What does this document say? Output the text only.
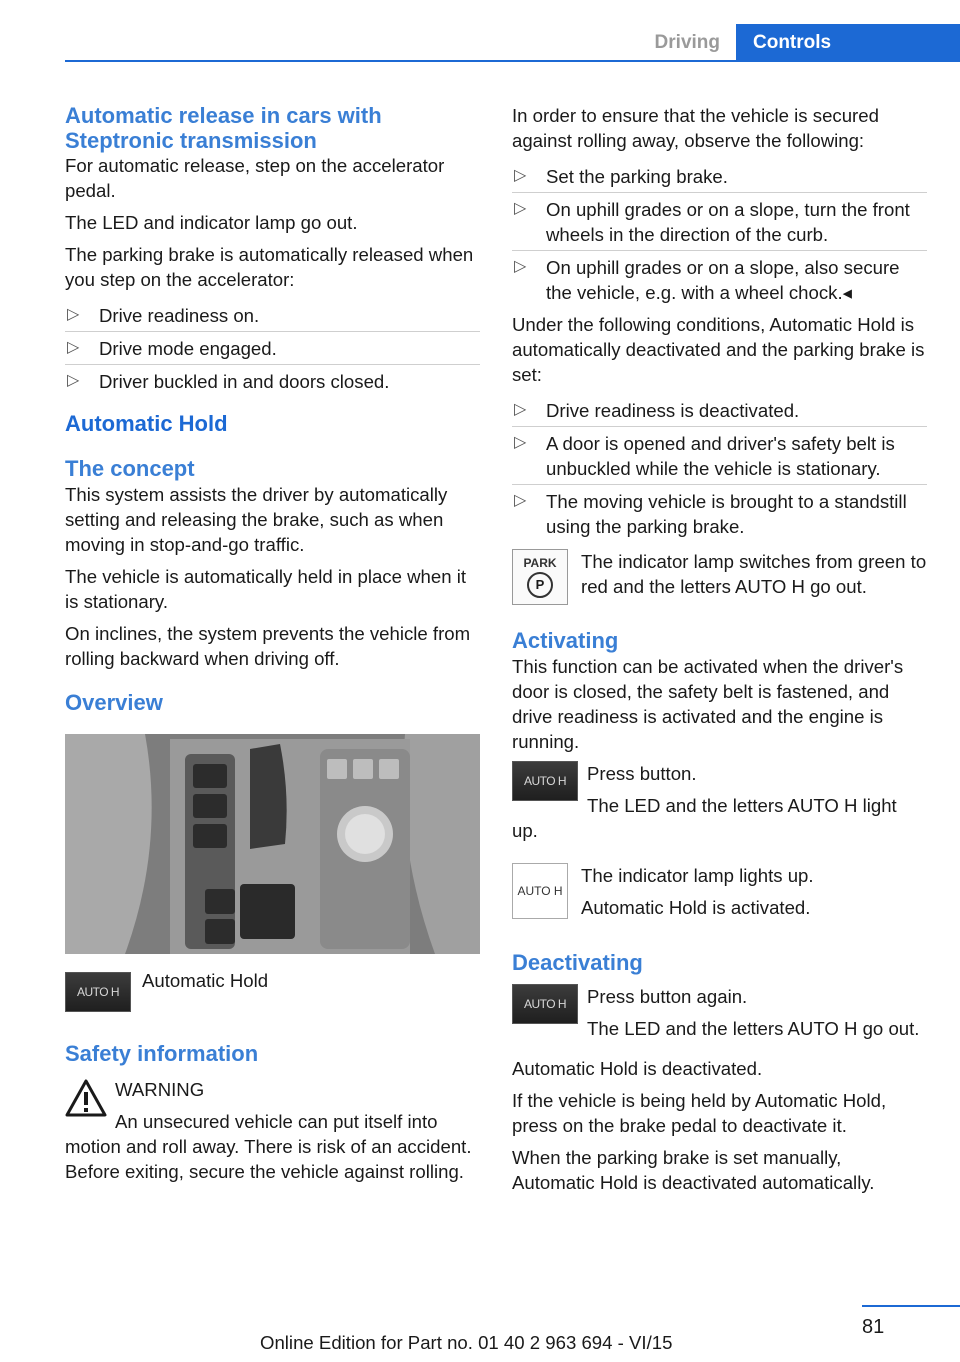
Driving	Controls
Automatic release in cars with Steptronic transmission

For automatic release, step on the accelerator pedal.

The LED and indicator lamp go out.

The parking brake is automatically released when you step on the accelerator:

▷ Drive readiness on.
▷ Drive mode engaged.
▷ Driver buckled in and doors closed.
Automatic Hold
The concept

This system assists the driver by automatically setting and releasing the brake, such as when moving in stop-and-go traffic.

The vehicle is automatically held in place when it is stationary.

On inclines, the system prevents the vehicle from rolling backward when driving off.

Overview
AUTO H
Automatic Hold
Safety information

WARNING

An unsecured vehicle can put itself into motion and roll away. There is risk of an accident. Before exiting, secure the vehicle against rolling.

In order to ensure that the vehicle is secured against rolling away, observe the following:

▷ Set the parking brake.
▷ On uphill grades or on a slope, turn the front wheels in the direction of the curb.
▷ On uphill grades or on a slope, also secure the vehicle, e.g. with a wheel chock.◂

Under the following conditions, Automatic Hold is automatically deactivated and the parking brake is set:

▷ Drive readiness is deactivated.
▷ A door is opened and driver's safety belt is unbuckled while the vehicle is stationary.
▷ The moving vehicle is brought to a standstill using the parking brake.
PARK
P
The indicator lamp switches from green to red and the letters AUTO H go out.
Activating

This function can be activated when the driver's door is closed, the safety belt is fastened, and drive readiness is activated and the engine is running.

AUTO H	Press button.

The LED and the letters AUTO H light up.

AUTO H

The indicator lamp lights up.

Automatic Hold is activated.

Deactivating
AUTO H	Press button again.

The LED and the letters AUTO H go out.

Automatic Hold is deactivated.

If the vehicle is being held by Automatic Hold, press on the brake pedal to deactivate it.

When the parking brake is set manually, Automatic Hold is deactivated automatically.

81
Online Edition for Part no. 01 40 2 963 694 - VI/15
